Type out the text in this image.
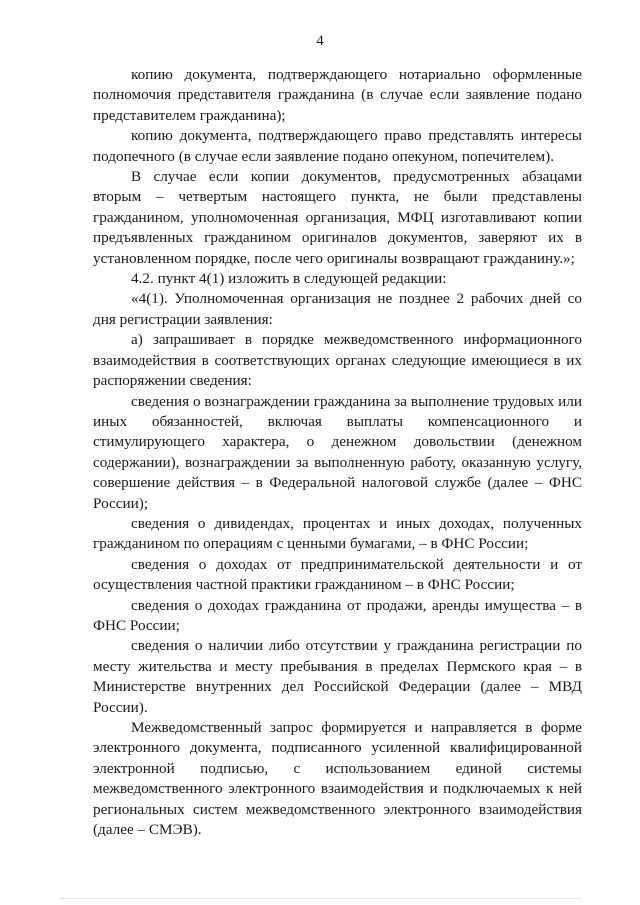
4

копию документа, подтверждающего нотариально оформленные полномочия представителя гражданина (в случае если заявление подано представителем гражданина);

копию документа, подтверждающего право представлять интересы подопечного (в случае если заявление подано опекуном, попечителем).

В случае если копии документов, предусмотренных абзацами вторым – четвертым настоящего пункта, не были представлены гражданином, уполномоченная организация, МФЦ изготавливают копии предъявленных гражданином оригиналов документов, заверяют их в установленном порядке, после чего оригиналы возвращают гражданину.»;

4.2. пункт 4(1) изложить в следующей редакции:

«4(1). Уполномоченная организация не позднее 2 рабочих дней со дня регистрации заявления:

а) запрашивает в порядке межведомственного информационного взаимодействия в соответствующих органах следующие имеющиеся в их распоряжении сведения:

сведения о вознаграждении гражданина за выполнение трудовых или иных обязанностей, включая выплаты компенсационного и стимулирующего характера, о денежном довольствии (денежном содержании), вознаграждении за выполненную работу, оказанную услугу, совершение действия – в Федеральной налоговой службе (далее – ФНС России);

сведения о дивидендах, процентах и иных доходах, полученных гражданином по операциям с ценными бумагами, – в ФНС России;

сведения о доходах от предпринимательской деятельности и от осуществления частной практики гражданином – в ФНС России;

сведения о доходах гражданина от продажи, аренды имущества – в ФНС России;

сведения о наличии либо отсутствии у гражданина регистрации по месту жительства и месту пребывания в пределах Пермского края – в Министерстве внутренних дел Российской Федерации (далее – МВД России).

Межведомственный запрос формируется и направляется в форме электронного документа, подписанного усиленной квалифицированной электронной подписью, с использованием единой системы межведомственного электронного взаимодействия и подключаемых к ней региональных систем межведомственного электронного взаимодействия (далее – СМЭВ).
